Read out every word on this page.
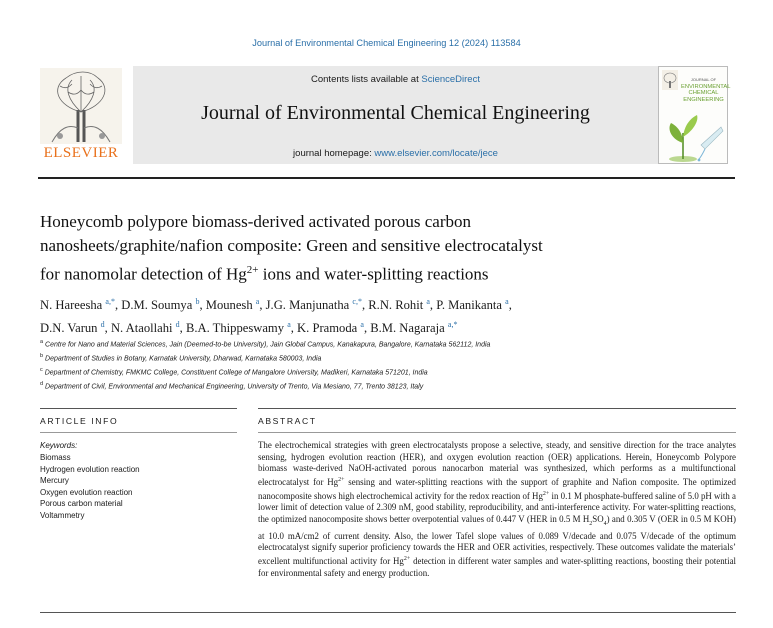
Journal of Environmental Chemical Engineering 12 (2024) 113584
ELSEVIER
Contents lists available at ScienceDirect
Journal of Environmental Chemical Engineering
journal homepage: www.elsevier.com/locate/jece
JOURNAL OF
ENVIRONMENTAL
CHEMICAL
ENGINEERING
Honeycomb polypore biomass-derived activated porous carbon
nanosheets/graphite/nafion composite: Green and sensitive electrocatalyst
for nanomolar detection of $Hg^{2+}$ ions and water-splitting reactions
N. Hareesha $^{a,*}$, D.M. Soumya $^b$, Mounesh $^a$, J.G. Manjunatha $^{c,*}$, R.N. Rohit $^a$, P. Manikanta $^a$,
D.N. Varun $^d$, N. Ataollahi $^d$, B.A. Thippeswamy $^a$, K. Pramoda $^a$, B.M. Nagaraja $^{a,*}$
$^a$ Centre for Nano and Material Sciences, Jain (Deemed-to-be University), Jain Global Campus, Kanakapura, Bangalore, Karnataka 562112, India
$^b$ Department of Studies in Botany, Karnatak University, Dharwad, Karnataka 580003, India
$^c$ Department of Chemistry, FMKMC College, Constituent College of Mangalore University, Madikeri, Karnataka 571201, India
$^d$ Department of Civil, Environmental and Mechanical Engineering, University of Trento, Via Mesiano, 77, Trento 38123, Italy
ARTICLE INFO	ABSTRACT
Keywords:
Biomass
Hydrogen evolution reaction
Mercury
Oxygen evolution reaction
Porous carbon material
Voltammetry
The electrochemical strategies with green electrocatalysts propose a selective, steady, and sensitive direction for the trace analytes sensing, hydrogen evolution reaction (HER), and oxygen evolution reaction (OER) applications. Herein, Honeycomb Polypore biomass waste-derived NaOH-activated porous nanocarbon material was synthesized, which performs as a multifunctional electrocatalyst for $Hg^{2+}$ sensing and water-splitting reactions with the support of graphite and Nafion composite. The optimized nanocomposite shows high electrochemical activity for the redox reaction of $Hg^{2+}$ in 0.1 M phosphate-buffered saline of 5.0 pH with a lower limit of detection value of 2.309 nM, good stability, reproducibility, and anti-interference activity. For water-splitting reactions, the optimized nanocomposite shows better overpotential values of 0.447 V (HER in 0.5 M $H_2SO_4$) and 0.305 V (OER in 0.5 M KOH) at 10.0 mA/cm2 of current density. Also, the lower Tafel slope values of 0.089 V/decade and 0.075 V/decade of the optimum electrocatalyst signify superior proficiency towards the HER and OER activities, respectively. These outcomes validate the materials’ excellent multifunctional activity for $Hg^{2+}$ detection in different water samples and water-splitting reactions, boosting their potential for environmental safety and energy production.
